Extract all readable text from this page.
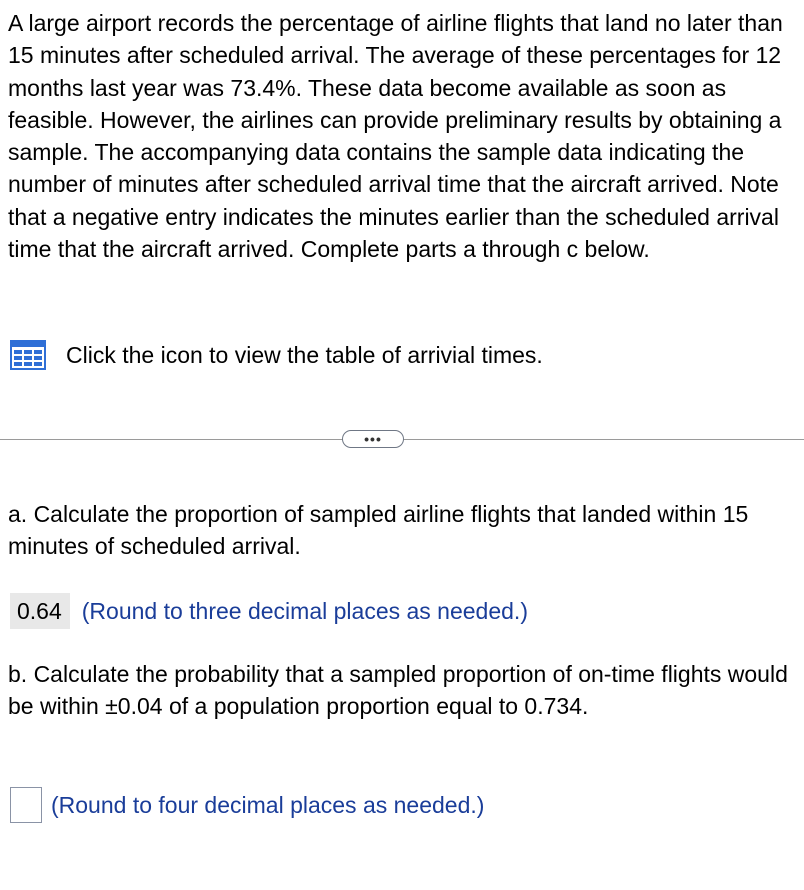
A large airport records the percentage of airline flights that land no later than 15 minutes after scheduled arrival. The average of these percentages for 12 months last year was 73.4%. These data become available as soon as feasible. However, the airlines can provide preliminary results by obtaining a sample. The accompanying data contains the sample data indicating the number of minutes after scheduled arrival time that the aircraft arrived. Note that a negative entry indicates the minutes earlier than the scheduled arrival time that the aircraft arrived. Complete parts a through c below.

Click the icon to view the table of arrivial times.
•••

a. Calculate the proportion of sampled airline flights that landed within 15 minutes of scheduled arrival.

0.64 (Round to three decimal places as needed.)

b. Calculate the probability that a sampled proportion of on-time flights would be within ±0.04 of a population proportion equal to 0.734.

(Round to four decimal places as needed.)
